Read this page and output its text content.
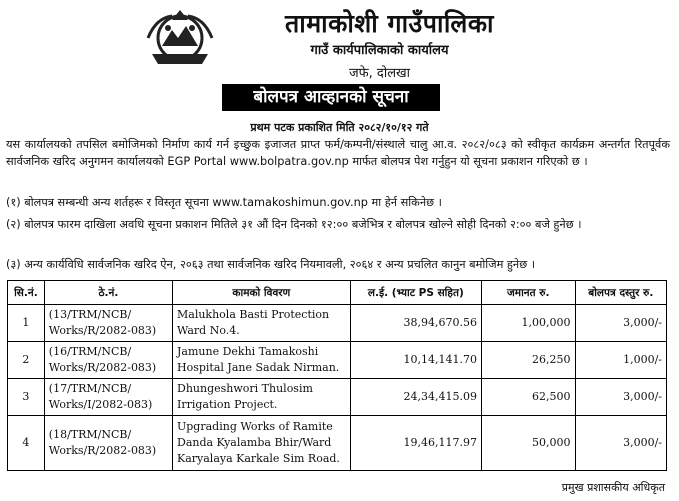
तामाकोशी गाउँपालिका
गाउँ कार्यपालिकाको कार्यालय
जफे, दोलखा
बोलपत्र आव्हानको सूचना
प्रथम पटक प्रकाशित मिति २०८२/१०/१२ गते
यस कार्यालयको तपसिल बमोजिमको निर्माण कार्य गर्न इच्छुक इजाजत प्राप्त फर्म/कम्पनी/संस्थाले चालु आ.व. २०८२/०८३ को स्वीकृत कार्यक्रम अन्तर्गत रितपूर्वक सार्वजनिक खरिद अनुगमन कार्यालयको EGP Portal www.bolpatra.gov.np मार्फत बोलपत्र पेश गर्नुहुन यो सूचना प्रकाशन गरिएको छ ।
(१) बोलपत्र सम्बन्धी अन्य शर्तहरू र विस्तृत सूचना www.tamakoshimun.gov.np मा हेर्न सकिनेछ ।
(२) बोलपत्र फारम दाखिला अवधि सूचना प्रकाशन मितिले ३१ औं दिन दिनको १२:०० बजेभित्र र बोलपत्र खोल्ने सोही दिनको २:०० बजे हुनेछ ।
(३) अन्य कार्यविधि सार्वजनिक खरिद ऐन, २०६३ तथा सार्वजनिक खरिद नियमावली, २०६४ र अन्य प्रचलित कानुन बमोजिम हुनेछ ।
सि.नं.	ठे.नं.	कामको विवरण	ल.ई. (भ्याट PS सहित)	जमानत रु.	बोलपत्र दस्तुर रु.
1	(13/TRM/NCB/ Works/R/2082-083)	Malukhola Basti Protection Ward No.4.	38,94,670.56	1,00,000	3,000/-
2	(16/TRM/NCB/ Works/R/2082-083)	Jamune Dekhi Tamakoshi Hospital Jane Sadak Nirman.	10,14,141.70	26,250	1,000/-
3	(17/TRM/NCB/ Works/I/2082-083)	Dhungeshwori Thulosim Irrigation Project.	24,34,415.09	62,500	3,000/-
4	(18/TRM/NCB/ Works/R/2082-083)	Upgrading Works of Ramite Danda Kyalamba Bhir/Ward Karyalaya Karkale Sim Road.	19,46,117.97	50,000	3,000/-
प्रमुख प्रशासकीय अधिकृत
